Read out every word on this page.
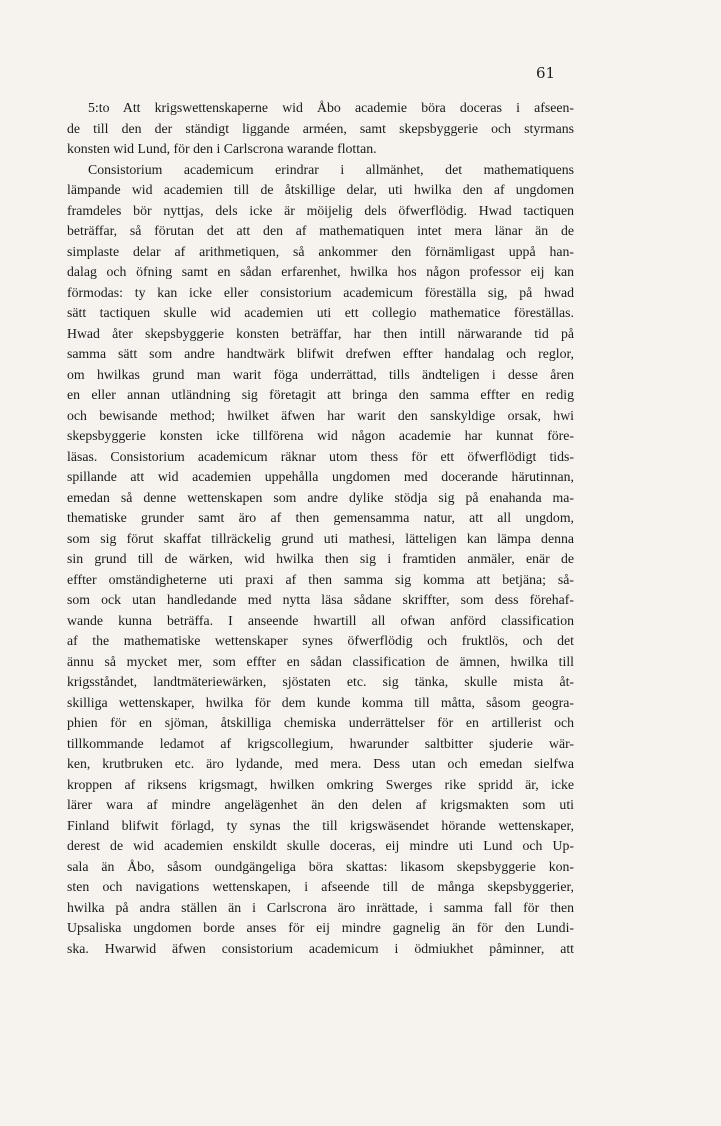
61
5:to Att krigswettenskaperne wid Åbo academie böra doceras i afseen-
de till den der ständigt liggande arméen, samt skepsbyggerie och styrmans
konsten wid Lund, för den i Carlscrona warande flottan.
Consistorium academicum erindrar i allmänhet, det mathematiquens
lämpande wid academien till de åtskillige delar, uti hwilka den af ungdomen
framdeles bör nyttjas, dels icke är möijelig dels öfwerflödig. Hwad tactiquen
beträffar, så förutan det att den af mathematiquen intet mera länar än de
simplaste delar af arithmetiquen, så ankommer den förnämligast uppå han-
dalag och öfning samt en sådan erfarenhet, hwilka hos någon professor eij kan
förmodas: ty kan icke eller consistorium academicum föreställa sig, på hwad
sätt tactiquen skulle wid academien uti ett collegio mathematice föreställas.
Hwad åter skepsbyggerie konsten beträffar, har then intill närwarande tid på
samma sätt som andre handtwärk blifwit drefwen effter handalag och reglor,
om hwilkas grund man warit föga underrättad, tills ändteligen i desse åren
en eller annan utländning sig företagit att bringa den samma effter en redig
och bewisande method; hwilket äfwen har warit den sanskyldige orsak, hwi
skepsbyggerie konsten icke tillförena wid någon academie har kunnat före-
läsas. Consistorium academicum räknar utom thess för ett öfwerflödigt tids-
spillande att wid academien uppehålla ungdomen med docerande härutinnan,
emedan så denne wettenskapen som andre dylike stödja sig på enahanda ma-
thematiske grunder samt äro af then gemensamma natur, att all ungdom,
som sig förut skaffat tillräckelig grund uti mathesi, lätteligen kan lämpa denna
sin grund till de wärken, wid hwilka then sig i framtiden anmäler, enär de
effter omständigheterne uti praxi af then samma sig komma att betjäna; så-
som ock utan handledande med nytta läsa sådane skriffter, som dess förehaf-
wande kunna beträffa. I anseende hwartill all ofwan anförd classification
af the mathematiske wettenskaper synes öfwerflödig och fruktlös, och det
ännu så mycket mer, som effter en sådan classification de ämnen, hwilka till
krigsståndet, landtmäteriewärken, sjöstaten etc. sig tänka, skulle mista åt-
skilliga wettenskaper, hwilka för dem kunde komma till måtta, såsom geogra-
phien för en sjöman, åtskilliga chemiska underrättelser för en artillerist och
tillkommande ledamot af krigscollegium, hwarunder saltbitter sjuderie wär-
ken, krutbruken etc. äro lydande, med mera. Dess utan och emedan sielfwa
kroppen af riksens krigsmagt, hwilken omkring Swerges rike spridd är, icke
lärer wara af mindre angelägenhet än den delen af krigsmakten som uti
Finland blifwit förlagd, ty synas the till krigswäsendet hörande wettenskaper,
derest de wid academien enskildt skulle doceras, eij mindre uti Lund och Up-
sala än Åbo, såsom oundgängeliga böra skattas: likasom skepsbyggerie kon-
sten och navigations wettenskapen, i afseende till de många skepsbyggerier,
hwilka på andra ställen än i Carlscrona äro inrättade, i samma fall för then
Upsaliska ungdomen borde anses för eij mindre gagnelig än för den Lundi-
ska. Hwarwid äfwen consistorium academicum i ödmiukhet påminner, att
